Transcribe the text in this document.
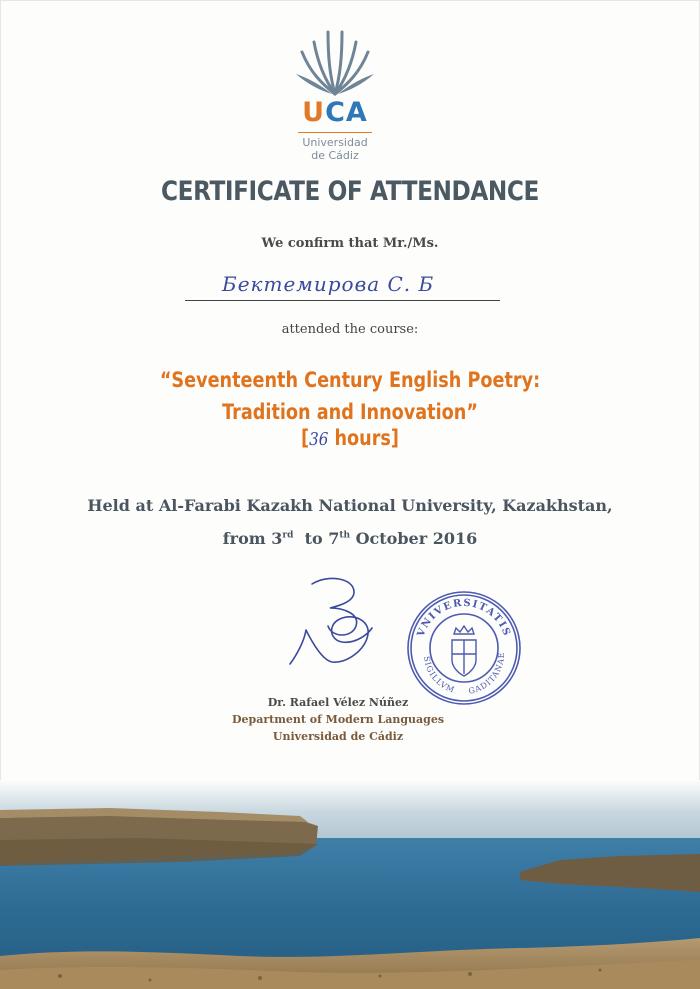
UCA
Universidad
de Cádiz
CERTIFICATE OF ATTENDANCE
We confirm that Mr./Ms.
Бектемирова С. Б
attended the course:
“Seventeenth Century English Poetry:
Tradition and Innovation”
[36 hours]
Held at Al-Farabi Kazakh National University, Kazakhstan,
from 3rd  to 7th October 2016
VNIVERSITATIS
SIGILLVM GADITANAE
Dr. Rafael Vélez Núñez
Department of Modern Languages
Universidad de Cádiz
